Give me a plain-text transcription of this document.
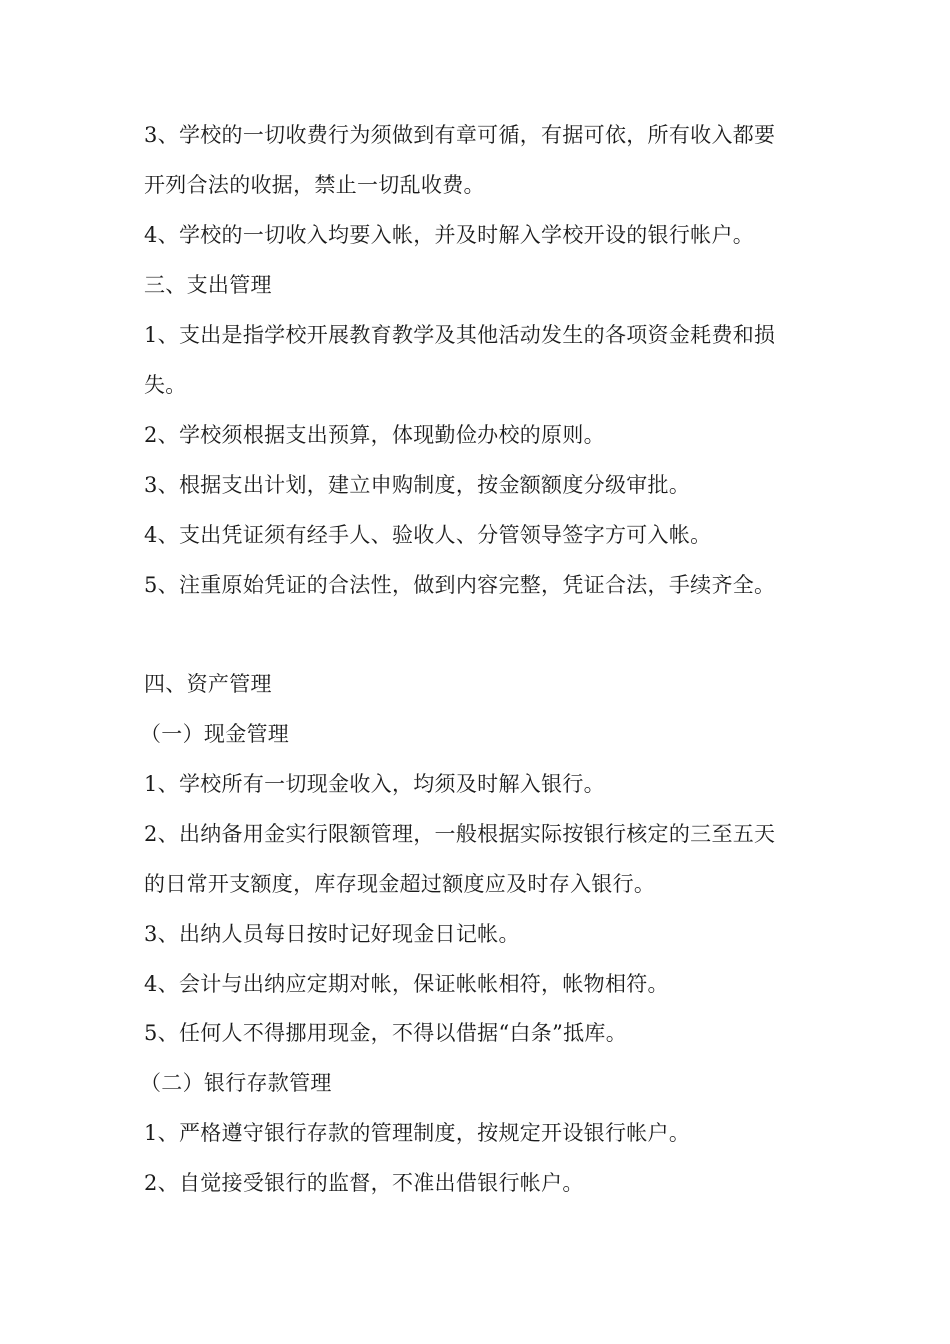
3、学校的一切收费行为须做到有章可循，有据可依，所有收入都要
开列合法的收据，禁止一切乱收费。
4、学校的一切收入均要入帐，并及时解入学校开设的银行帐户。
三、支出管理
1、支出是指学校开展教育教学及其他活动发生的各项资金耗费和损
失。
2、学校须根据支出预算，体现勤俭办校的原则。
3、根据支出计划，建立申购制度，按金额额度分级审批。
4、支出凭证须有经手人、验收人、分管领导签字方可入帐。
5、注重原始凭证的合法性，做到内容完整，凭证合法，手续齐全。
四、资产管理
（一）现金管理
1、学校所有一切现金收入，均须及时解入银行。
2、出纳备用金实行限额管理，一般根据实际按银行核定的三至五天
的日常开支额度，库存现金超过额度应及时存入银行。
3、出纳人员每日按时记好现金日记帐。
4、会计与出纳应定期对帐，保证帐帐相符，帐物相符。
5、任何人不得挪用现金，不得以借据“白条”抵库。
（二）银行存款管理
1、严格遵守银行存款的管理制度，按规定开设银行帐户。
2、自觉接受银行的监督，不准出借银行帐户。
